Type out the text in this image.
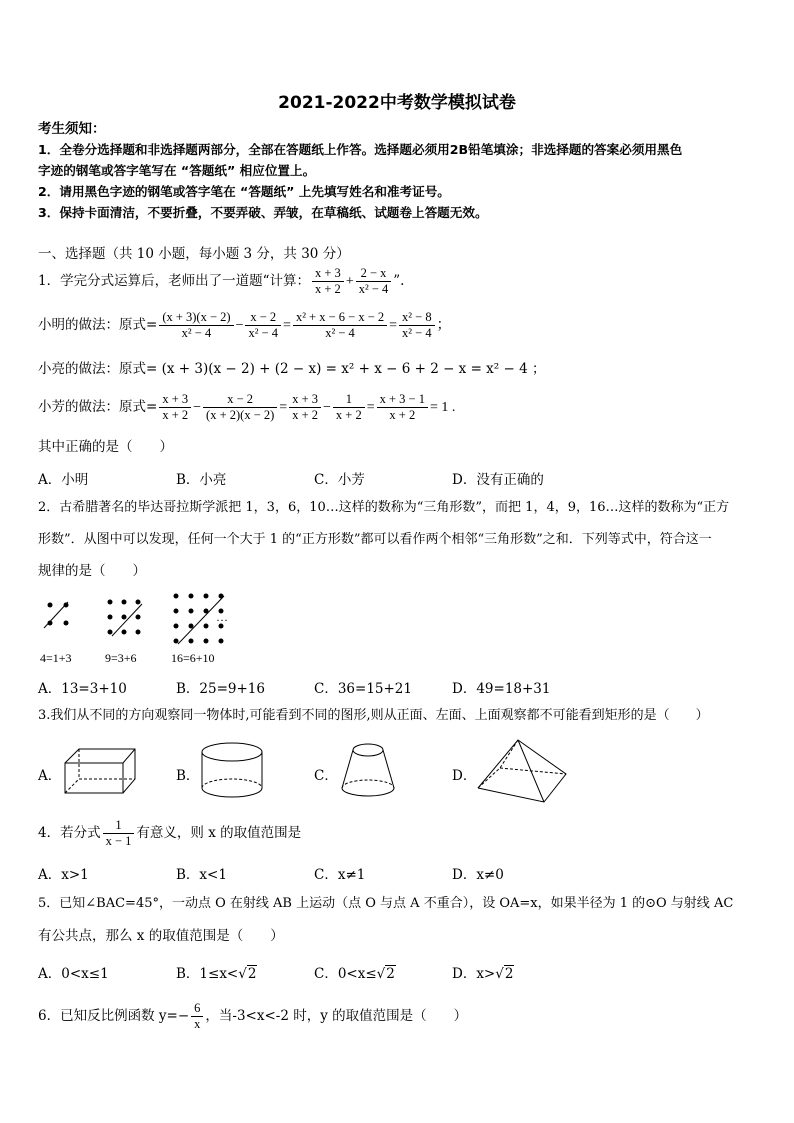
2021-2022中考数学模拟试卷
考生须知：
1．全卷分选择题和非选择题两部分，全部在答题纸上作答。选择题必须用2B铅笔填涂；非选择题的答案必须用黑色
字迹的钢笔或答字笔写在 “答题纸” 相应位置上。
2．请用黑色字迹的钢笔或答字笔在 “答题纸” 上先填写姓名和准考证号。
3．保持卡面清洁，不要折叠，不要弄破、弄皱，在草稿纸、试题卷上答题无效。
一、选择题（共 10 小题，每小题 3 分，共 30 分）
1．学完分式运算后，老师出了一道题“计算： $\frac{x + 3}{x + 2} + \frac{2 - x}{\text{x² − 4}}$ ”.
小明的做法：原式= $\frac{(x + 3)(x - 2)}{\text{x² − 4}} - \frac{x - 2}{\text{x² − 4}} = \frac{\text{x² + x − 6 − x − 2}}{\text{x² − 4}} = \frac{\text{x² − 8}}{\text{x² − 4}}$ ；
小亮的做法：原式= (x + 3)(x − 2) + (2 − x) = x² + x − 6 + 2 − x = x² − 4 ；
小芳的做法：原式= $\frac{x + 3}{x + 2} - \frac{x - 2}{(x + 2)(x - 2)} = \frac{x + 3}{x + 2} - \frac{1}{x + 2} = \frac{x + 3 - 1}{x + 2} = 1$ .
其中正确的是（　　）
A．小明	B．小亮	C．小芳	D．没有正确的
2．古希腊著名的毕达哥拉斯学派把 1，3，6，10…这样的数称为“三角形数”，而把 1，4，9，16…这样的数称为“正方
形数”．从图中可以发现，任何一个大于 1 的“正方形数”都可以看作两个相邻“三角形数”之和．下列等式中，符合这一
规律的是（　　）
…
4=1+3	9=3+6	16=6+10
A．13=3+10	B．25=9+16	C．36=15+21	D．49=18+31
3.我们从不同的方向观察同一物体时,可能看到不同的图形,则从正面、左面、上面观察都不可能看到矩形的是（　　）
A．	B．	C．	D．
4．若分式 $\frac{1}{x - 1}$ 有意义，则 x 的取值范围是
A．x>1	B．x<1	C．x≠1	D．x≠0
5．已知∠BAC=45°，一动点 O 在射线 AB 上运动（点 O 与点 A 不重合），设 OA=x，如果半径为 1 的⊙O 与射线 AC
有公共点，那么 x 的取值范围是（　　）
A．0<x≤1	B．1≤x<√2	C．0<x≤√2	D．x>√2
6．已知反比例函数 $y=- \frac{6}{x}$ ，当-3<x<-2 时，y 的取值范围是（　　）
